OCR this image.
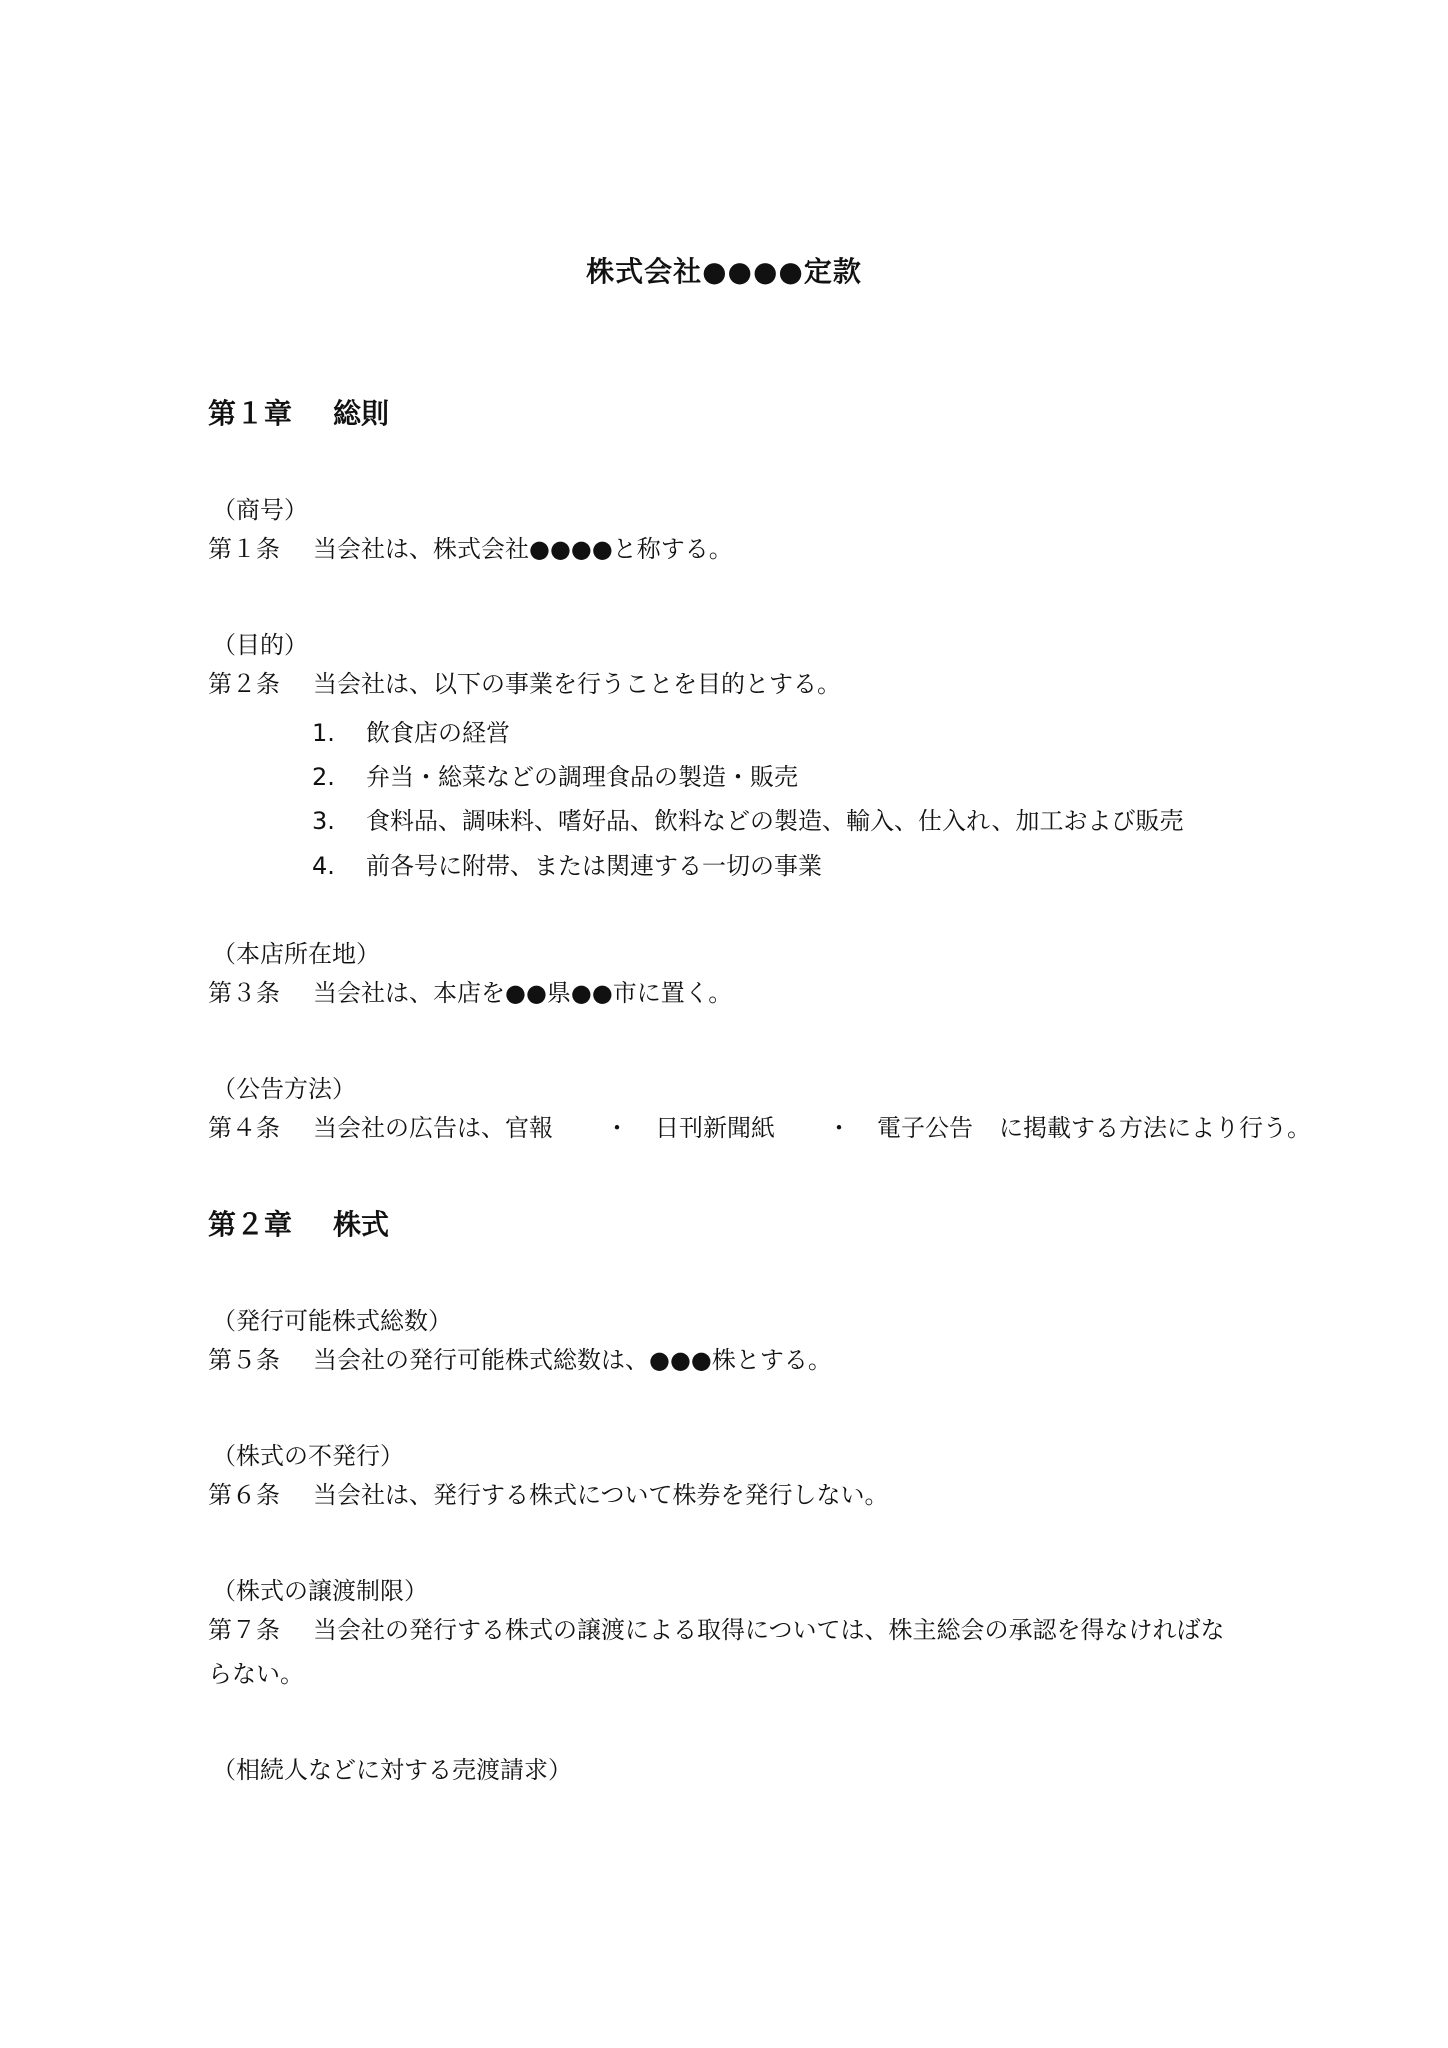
株式会社●●●●定款
第１章 総則
（商号）
第１条 当会社は、株式会社●●●●と称する。
（目的）
第２条 当会社は、以下の事業を行うことを目的とする。
1. 飲食店の経営
2. 弁当・総菜などの調理食品の製造・販売
3. 食料品、調味料、嗜好品、飲料などの製造、輸入、仕入れ、加工および販売
4. 前各号に附帯、または関連する一切の事業
（本店所在地）
第３条 当会社は、本店を●●県●●市に置く。
（公告方法）
第４条 当会社の広告は、官報 ・ 日刊新聞紙 ・ 電子公告 に掲載する方法により行う。
第２章 株式
（発行可能株式総数）
第５条 当会社の発行可能株式総数は、●●●株とする。
（株式の不発行）
第６条 当会社は、発行する株式について株券を発行しない。
（株式の譲渡制限）
第７条 当会社の発行する株式の譲渡による取得については、株主総会の承認を得なければならない。
（相続人などに対する売渡請求）
